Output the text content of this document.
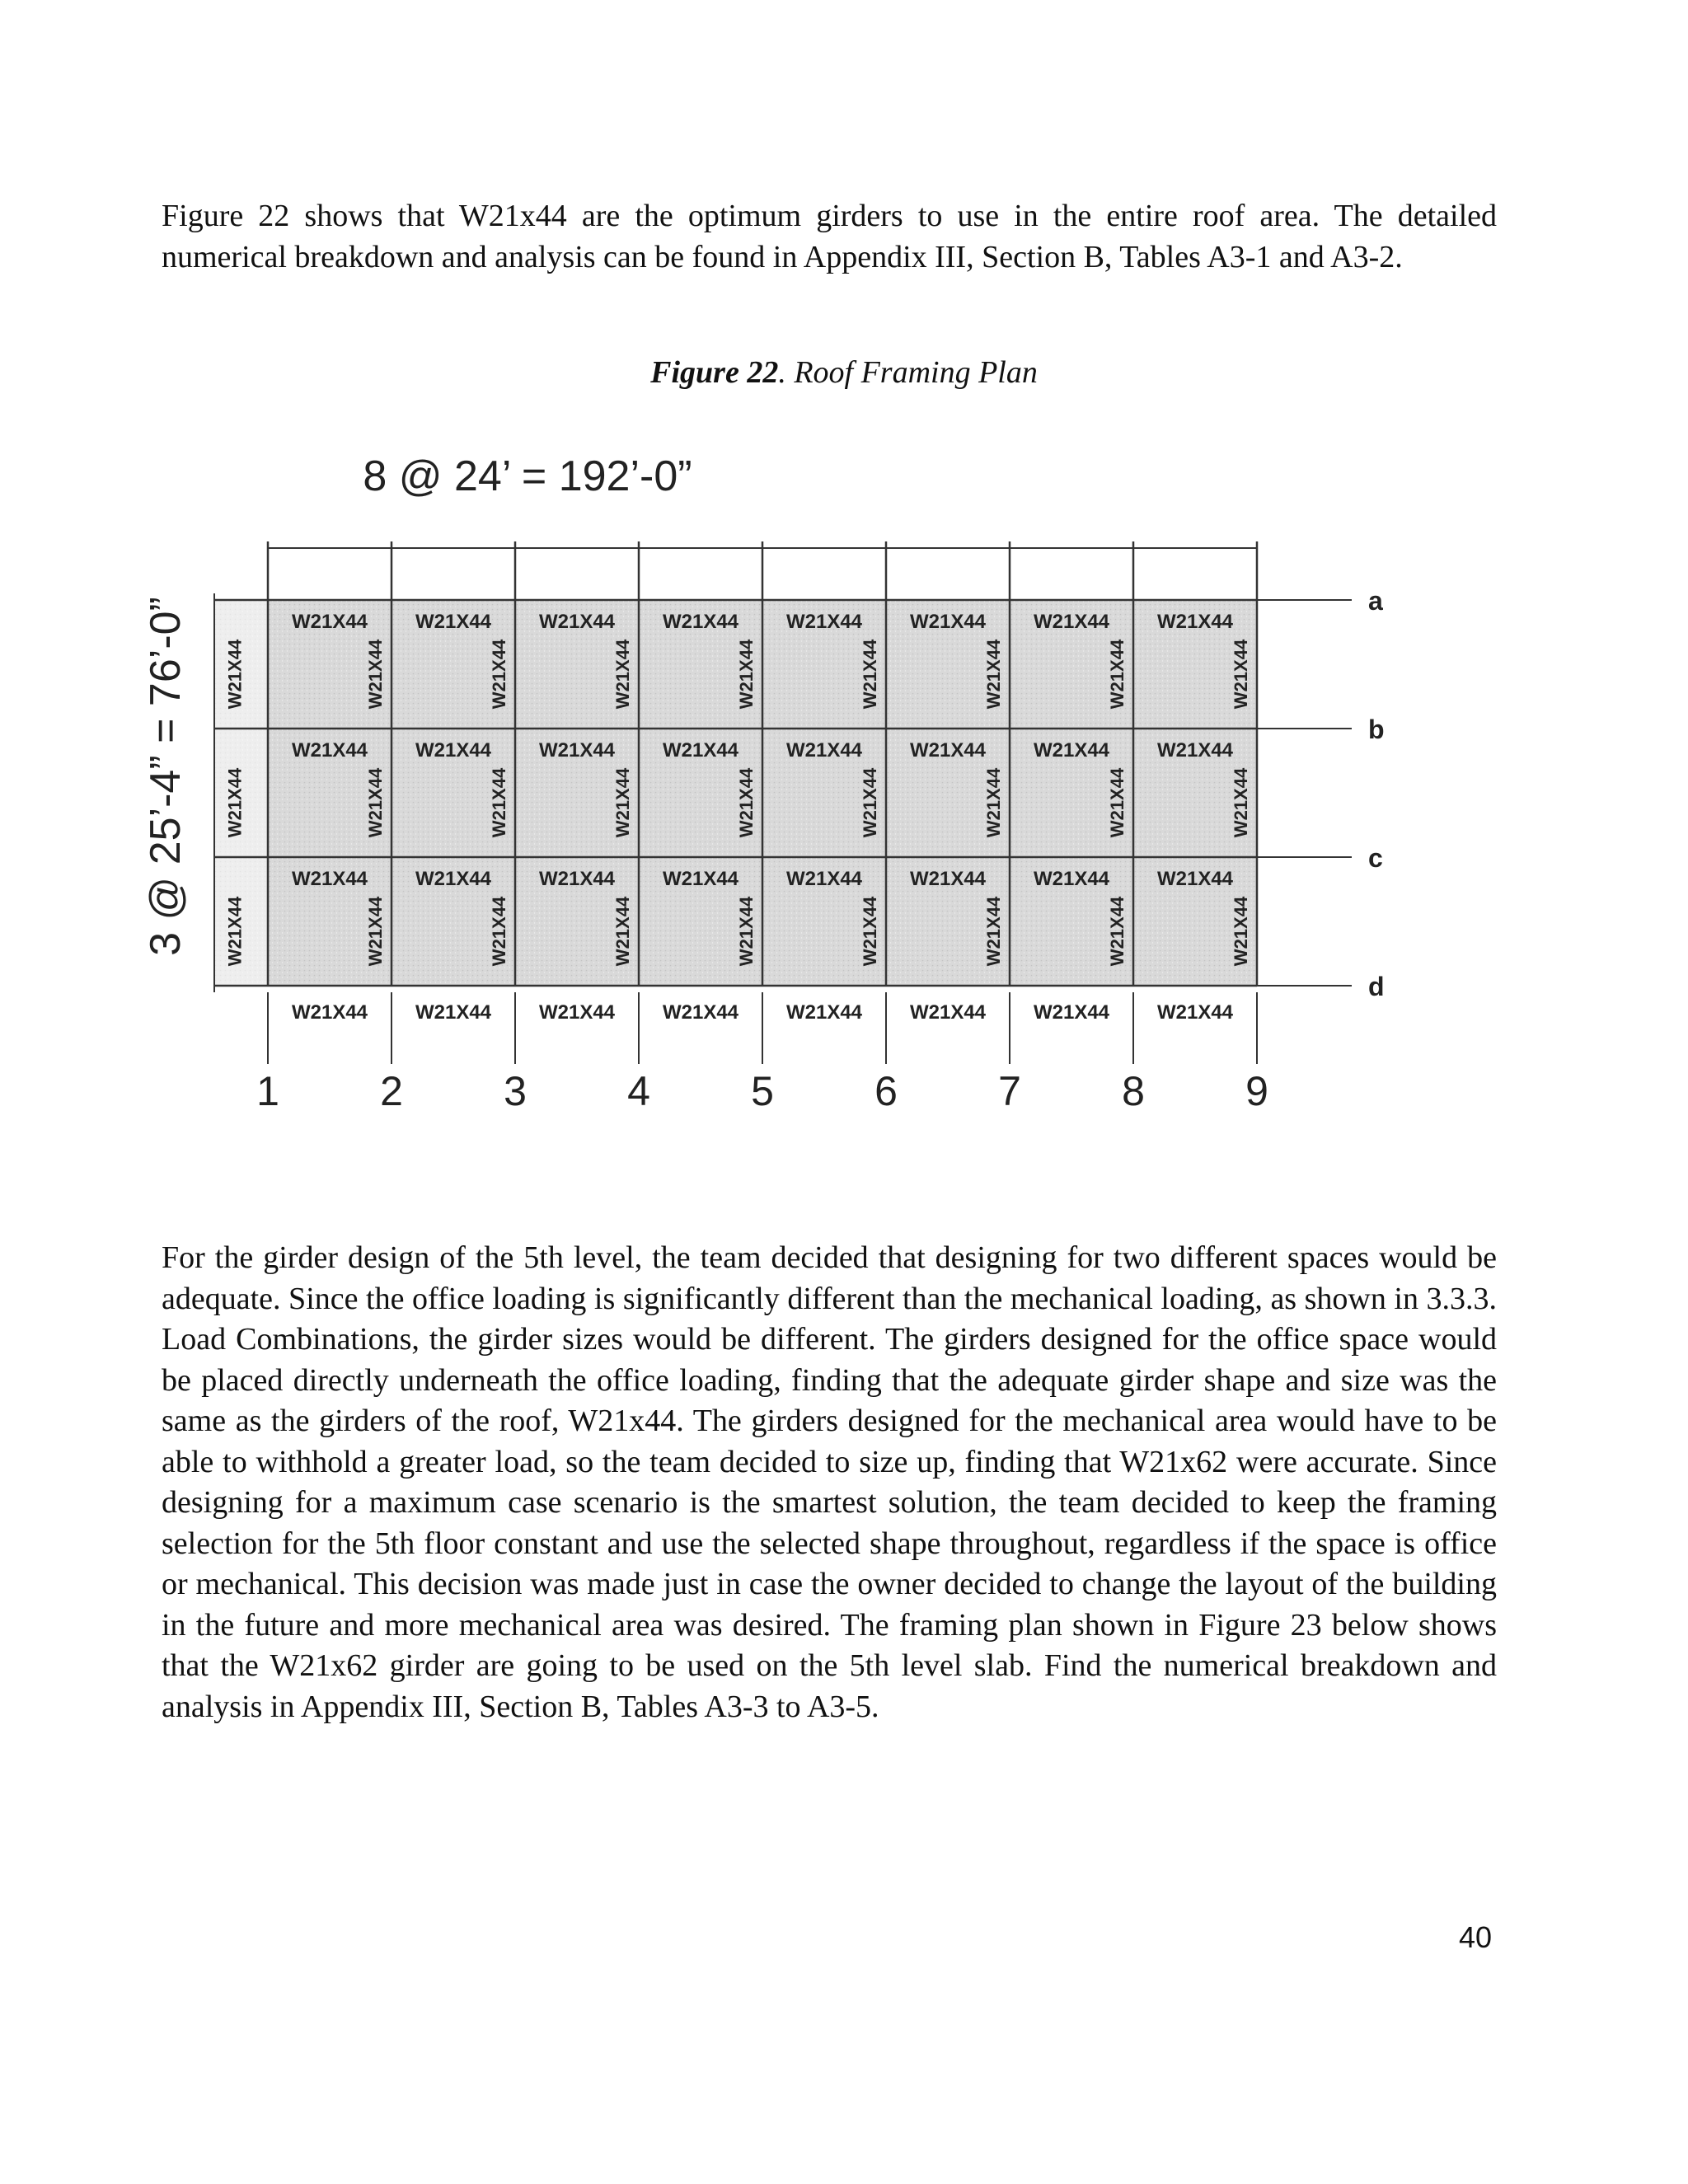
Figure 22 shows that W21x44 are the optimum girders to use in the entire roof area. The detailed numerical breakdown and analysis can be found in Appendix III, Section B, Tables A3-1 and A3-2.

Figure 22. Roof Framing Plan
a
b
c
d
1 2 3 4 5 6 7 8 9
W21X44 W21X44 W21X44 W21X44 W21X44 W21X44 W21X44 W21X44
W21X44 W21X44 W21X44 W21X44 W21X44 W21X44 W21X44 W21X44
W21X44 W21X44 W21X44 W21X44 W21X44 W21X44 W21X44 W21X44
W21X44 W21X44 W21X44 W21X44 W21X44 W21X44 W21X44 W21X44
W21X44	W21X44	W21X44	W21X44	W21X44	W21X44	W21X44	W21X44	W21X44
W21X44	W21X44	W21X44	W21X44	W21X44	W21X44	W21X44	W21X44	W21X44
W21X44	W21X44	W21X44	W21X44	W21X44	W21X44	W21X44	W21X44	W21X44
8 @ 24’ = 192’-0”
3 @ 25’-4” = 76’-0”

For the girder design of the 5th level, the team decided that designing for two different spaces would be adequate. Since the office loading is significantly different than the mechanical loading, as shown in 3.3.3. Load Combinations, the girder sizes would be different. The girders designed for the office space would be placed directly underneath the office loading, finding that the adequate girder shape and size was the same as the girders of the roof, W21x44. The girders designed for the mechanical area would have to be able to withhold a greater load, so the team decided to size up, finding that W21x62 were accurate. Since designing for a maximum case scenario is the smartest solution, the team decided to keep the framing selection for the 5th floor constant and use the selected shape throughout, regardless if the space is office or mechanical. This decision was made just in case the owner decided to change the layout of the building in the future and more mechanical area was desired. The framing plan shown in Figure 23 below shows that the W21x62 girder are going to be used on the 5th level slab. Find the numerical breakdown and analysis in Appendix III, Section B, Tables A3-3 to A3-5.

40
